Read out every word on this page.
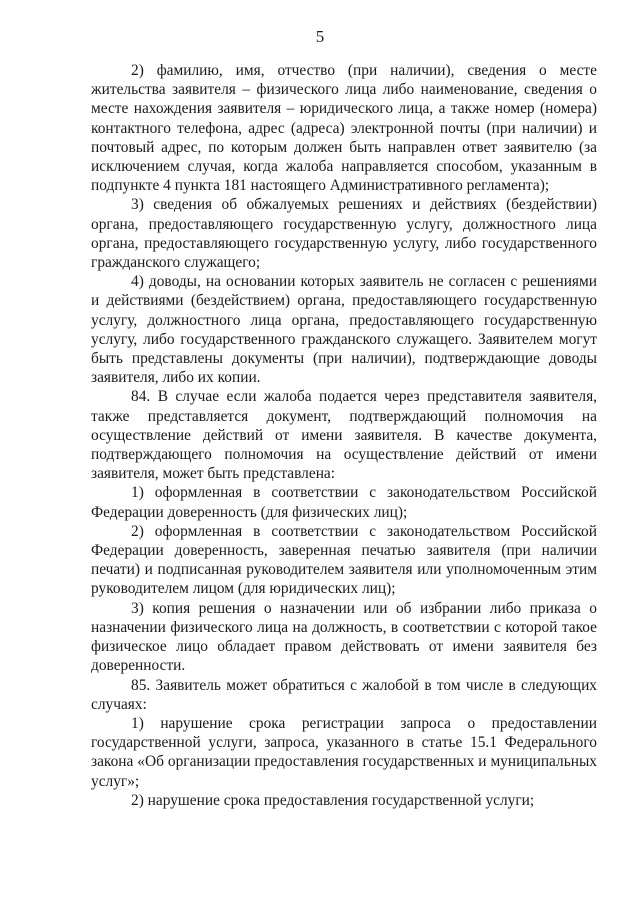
5

2) фамилию, имя, отчество (при наличии), сведения о месте жительства заявителя – физического лица либо наименование, сведения о месте нахождения заявителя – юридического лица, а также номер (номера) контактного телефона, адрес (адреса) электронной почты (при наличии) и почтовый адрес, по которым должен быть направлен ответ заявителю (за исключением случая, когда жалоба направляется способом, указанным в подпункте 4 пункта 181 настоящего Административного регламента);

3) сведения об обжалуемых решениях и действиях (бездействии) органа, предоставляющего государственную услугу, должностного лица органа, предоставляющего государственную услугу, либо государственного гражданского служащего;

4) доводы, на основании которых заявитель не согласен с решениями и действиями (бездействием) органа, предоставляющего государственную услугу, должностного лица органа, предоставляющего государственную услугу, либо государственного гражданского служащего. Заявителем могут быть представлены документы (при наличии), подтверждающие доводы заявителя, либо их копии.

84. В случае если жалоба подается через представителя заявителя, также представляется документ, подтверждающий полномочия на осуществление действий от имени заявителя. В качестве документа, подтверждающего полномочия на осуществление действий от имени заявителя, может быть представлена:

1) оформленная в соответствии с законодательством Российской Федерации доверенность (для физических лиц);

2) оформленная в соответствии с законодательством Российской Федерации доверенность, заверенная печатью заявителя (при наличии печати) и подписанная руководителем заявителя или уполномоченным этим руководителем лицом (для юридических лиц);

3) копия решения о назначении или об избрании либо приказа о назначении физического лица на должность, в соответствии с которой такое физическое лицо обладает правом действовать от имени заявителя без доверенности.

85. Заявитель может обратиться с жалобой в том числе в следующих случаях:

1) нарушение срока регистрации запроса о предоставлении государственной услуги, запроса, указанного в статье 15.1 Федерального закона «Об организации предоставления государственных и муниципальных услуг»;

2) нарушение срока предоставления государственной услуги;
